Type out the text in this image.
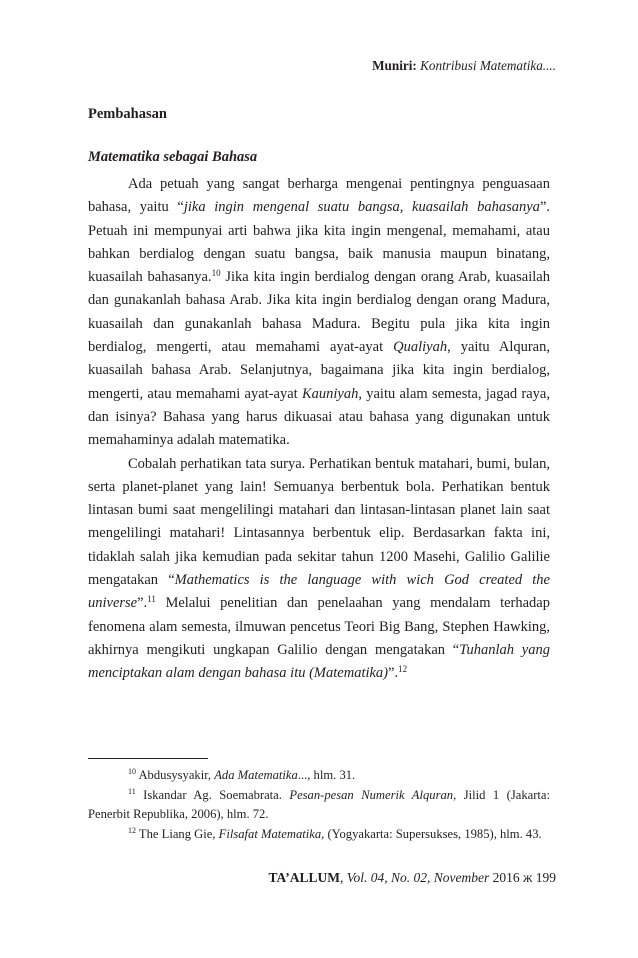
Muniri: Kontribusi Matematika....
Pembahasan
Matematika sebagai Bahasa

Ada petuah yang sangat berharga mengenai pentingnya penguasaan bahasa, yaitu “jika ingin mengenal suatu bangsa, kuasailah bahasanya”. Petuah ini mempunyai arti bahwa jika kita ingin mengenal, memahami, atau bahkan berdialog dengan suatu bangsa, baik manusia maupun binatang, kuasailah bahasanya.$^{10}$ Jika kita ingin berdialog dengan orang Arab, kuasailah dan gunakanlah bahasa Arab. Jika kita ingin berdialog dengan orang Madura, kuasailah dan gunakanlah bahasa Madura. Begitu pula jika kita ingin berdialog, mengerti, atau memahami ayat-ayat Qualiyah, yaitu Alquran, kuasailah bahasa Arab. Selanjutnya, bagaimana jika kita ingin berdialog, mengerti, atau memahami ayat-ayat Kauniyah, yaitu alam semesta, jagad raya, dan isinya? Bahasa yang harus dikuasai atau bahasa yang digunakan untuk memahaminya adalah matematika.

Cobalah perhatikan tata surya. Perhatikan bentuk matahari, bumi, bulan, serta planet-planet yang lain! Semuanya berbentuk bola. Perhatikan bentuk lintasan bumi saat mengelilingi matahari dan lintasan-lintasan planet lain saat mengelilingi matahari! Lintasannya berbentuk elip. Berdasarkan fakta ini, tidaklah salah jika kemudian pada sekitar tahun 1200 Masehi, Galilio Galilie mengatakan “Mathematics is the language with wich God created the universe”.$^{11}$ Melalui penelitian dan penelaahan yang mendalam terhadap fenomena alam semesta, ilmuwan pencetus Teori Big Bang, Stephen Hawking, akhirnya mengikuti ungkapan Galilio dengan mengatakan “Tuhanlah yang menciptakan alam dengan bahasa itu (Matematika)”.$^{12}$

$^{10}$ Abdusysyakir, Ada Matematika..., hlm. 31.

$^{11}$ Iskandar Ag. Soemabrata. Pesan-pesan Numerik Alquran, Jilid 1 (Jakarta: Penerbit Republika, 2006), hlm. 72.

$^{12}$ The Liang Gie, Filsafat Matematika, (Yogyakarta: Supersukses, 1985), hlm. 43.

TA’ALLUM, Vol. 04, No. 02, November 2016 ж 199
